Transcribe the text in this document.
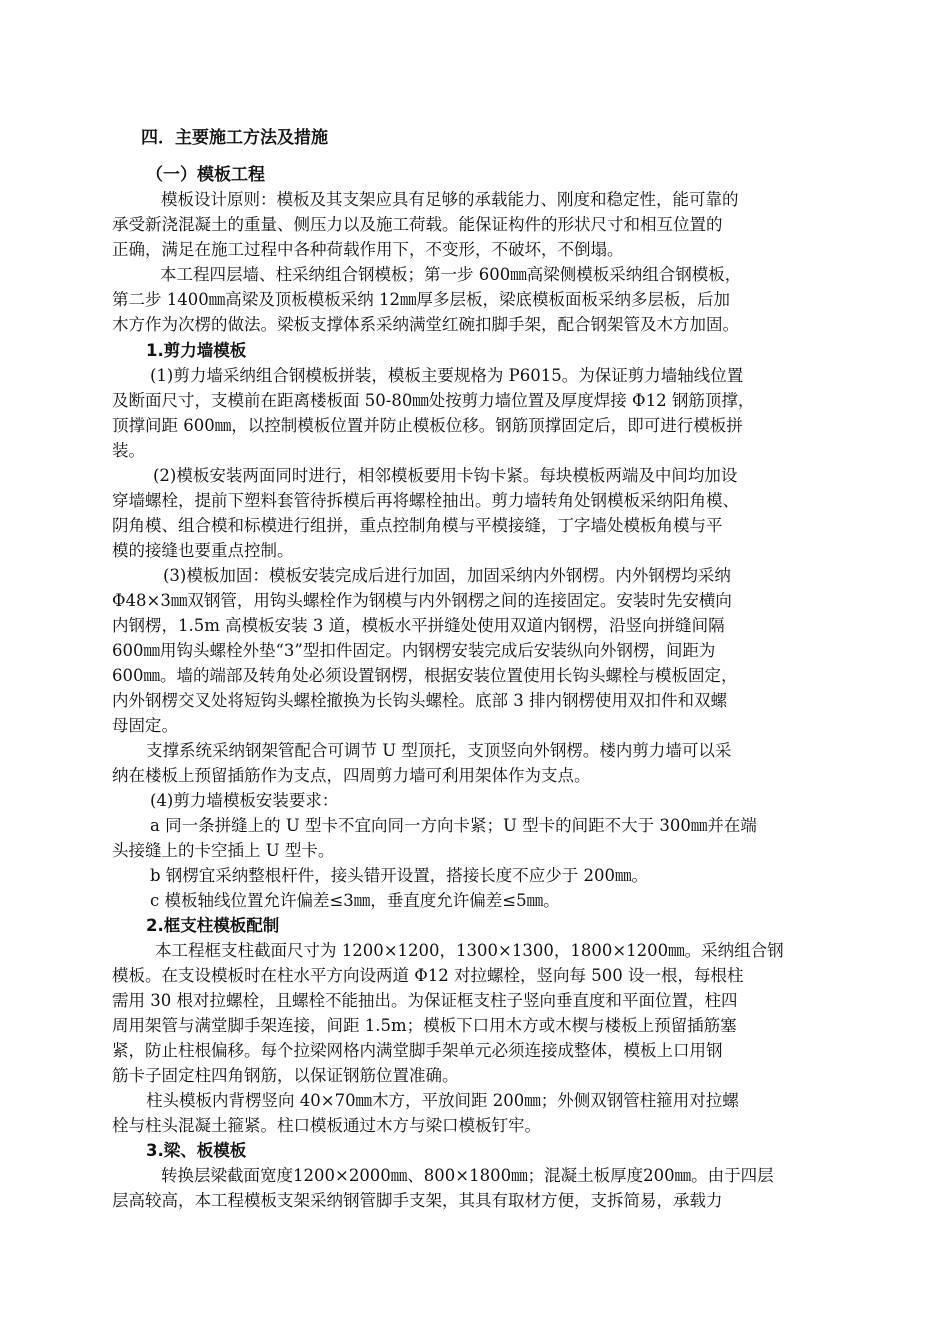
四．主要施工方法及措施
（一）模板工程
模板设计原则：模板及其支架应具有足够的承载能力、刚度和稳定性，能可靠的
承受新浇混凝土的重量、侧压力以及施工荷载。能保证构件的形状尺寸和相互位置的
正确，满足在施工过程中各种荷载作用下，不变形，不破坏，不倒塌。
本工程四层墙、柱采纳组合钢模板；第一步 600㎜高梁侧模板采纳组合钢模板，
第二步 1400㎜高梁及顶板模板采纳 12㎜厚多层板，梁底模板面板采纳多层板，后加
木方作为次楞的做法。梁板支撑体系采纳满堂红碗扣脚手架，配合钢架管及木方加固。
1.剪力墙模板
(1)剪力墙采纳组合钢模板拼装，模板主要规格为 P6015。为保证剪力墙轴线位置
及断面尺寸，支模前在距离楼板面 50-80㎜处按剪力墙位置及厚度焊接 Φ12 钢筋顶撑，
顶撑间距 600㎜，以控制模板位置并防止模板位移。钢筋顶撑固定后，即可进行模板拼
装。
(2)模板安装两面同时进行，相邻模板要用卡钩卡紧。每块模板两端及中间均加设
穿墙螺栓，提前下塑料套管待拆模后再将螺栓抽出。剪力墙转角处钢模板采纳阳角模、
阴角模、组合模和标模进行组拼，重点控制角模与平模接缝，丁字墙处模板角模与平
模的接缝也要重点控制。
(3)模板加固：模板安装完成后进行加固，加固采纳内外钢楞。内外钢楞均采纳
Φ48×3㎜双钢管，用钩头螺栓作为钢模与内外钢楞之间的连接固定。安装时先安横向
内钢楞，1.5m 高模板安装 3 道，模板水平拼缝处使用双道内钢楞，沿竖向拼缝间隔
600㎜用钩头螺栓外垫“3”型扣件固定。内钢楞安装完成后安装纵向外钢楞，间距为
600㎜。墙的端部及转角处必须设置钢楞，根据安装位置使用长钩头螺栓与模板固定，
内外钢楞交叉处将短钩头螺栓撤换为长钩头螺栓。底部 3 排内钢楞使用双扣件和双螺
母固定。
支撑系统采纳钢架管配合可调节 U 型顶托，支顶竖向外钢楞。楼内剪力墙可以采
纳在楼板上预留插筋作为支点，四周剪力墙可利用架体作为支点。
(4)剪力墙模板安装要求：
a 同一条拼缝上的 U 型卡不宜向同一方向卡紧；U 型卡的间距不大于 300㎜并在端
头接缝上的卡空插上 U 型卡。
b 钢楞宜采纳整根杆件，接头错开设置，搭接长度不应少于 200㎜。
c 模板轴线位置允许偏差≤3㎜，垂直度允许偏差≤5㎜。
2.框支柱模板配制
本工程框支柱截面尺寸为 1200×1200，1300×1300，1800×1200㎜。采纳组合钢
模板。在支设模板时在柱水平方向设两道 Φ12 对拉螺栓，竖向每 500 设一根，每根柱
需用 30 根对拉螺栓，且螺栓不能抽出。为保证框支柱子竖向垂直度和平面位置，柱四
周用架管与满堂脚手架连接，间距 1.5m；模板下口用木方或木楔与楼板上预留插筋塞
紧，防止柱根偏移。每个拉梁网格内满堂脚手架单元必须连接成整体，模板上口用钢
筋卡子固定柱四角钢筋，以保证钢筋位置准确。
柱头模板内背楞竖向 40×70㎜木方，平放间距 200㎜；外侧双钢管柱箍用对拉螺
栓与柱头混凝土箍紧。柱口模板通过木方与梁口模板钉牢。
3.梁、板模板
转换层梁截面宽度1200×2000㎜、800×1800㎜；混凝土板厚度200㎜。由于四层
层高较高，本工程模板支架采纳钢管脚手支架，其具有取材方便，支拆简易，承载力
